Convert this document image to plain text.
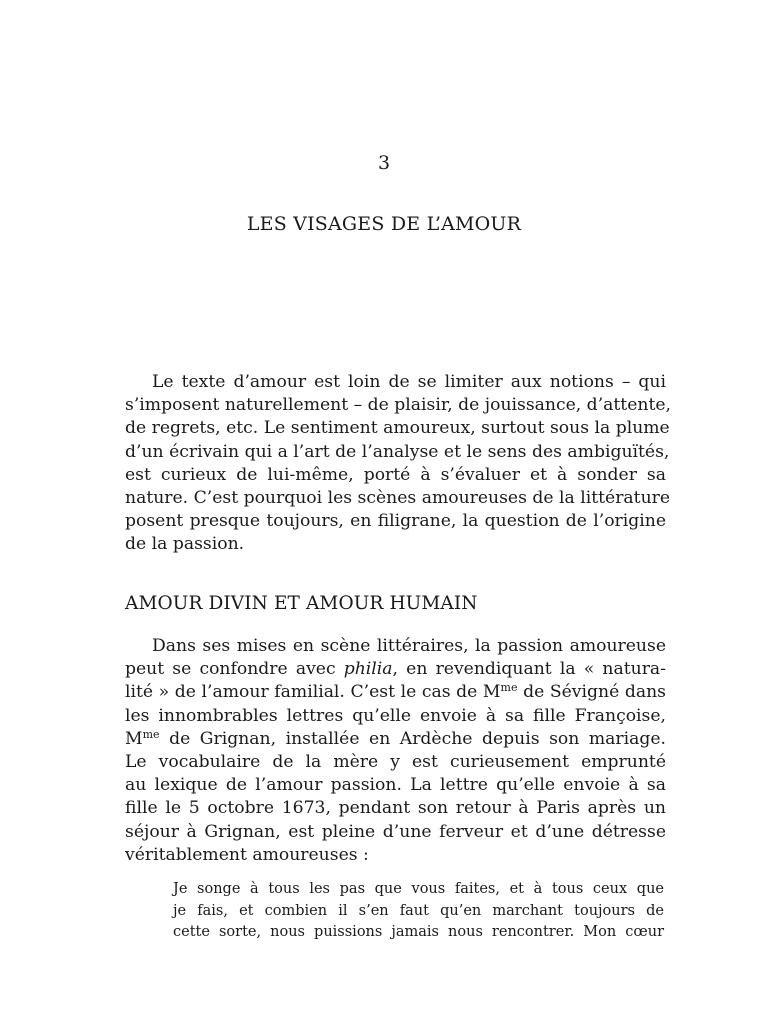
3
LES VISAGES DE L’AMOUR
Le texte d’amour est loin de se limiter aux notions – qui
s’imposent naturellement – de plaisir, de jouissance, d’attente,
de regrets, etc. Le sentiment amoureux, surtout sous la plume
d’un écrivain qui a l’art de l’analyse et le sens des ambiguïtés,
est curieux de lui-même, porté à s’évaluer et à sonder sa
nature. C’est pourquoi les scènes amoureuses de la littérature
posent presque toujours, en filigrane, la question de l’origine
de la passion.
AMOUR DIVIN ET AMOUR HUMAIN
Dans ses mises en scène littéraires, la passion amoureuse
peut se confondre avec philia, en revendiquant la « natura-
lité » de l’amour familial. C’est le cas de $M^{me}$ de Sévigné dans
les innombrables lettres qu’elle envoie à sa fille Françoise,
$M^{me}$ de Grignan, installée en Ardèche depuis son mariage.
Le vocabulaire de la mère y est curieusement emprunté
au lexique de l’amour passion. La lettre qu’elle envoie à sa
fille le 5 octobre 1673, pendant son retour à Paris après un
séjour à Grignan, est pleine d’une ferveur et d’une détresse
véritablement amoureuses :
Je songe à tous les pas que vous faites, et à tous ceux que
je fais, et combien il s’en faut qu’en marchant toujours de
cette sorte, nous puissions jamais nous rencontrer. Mon cœur
